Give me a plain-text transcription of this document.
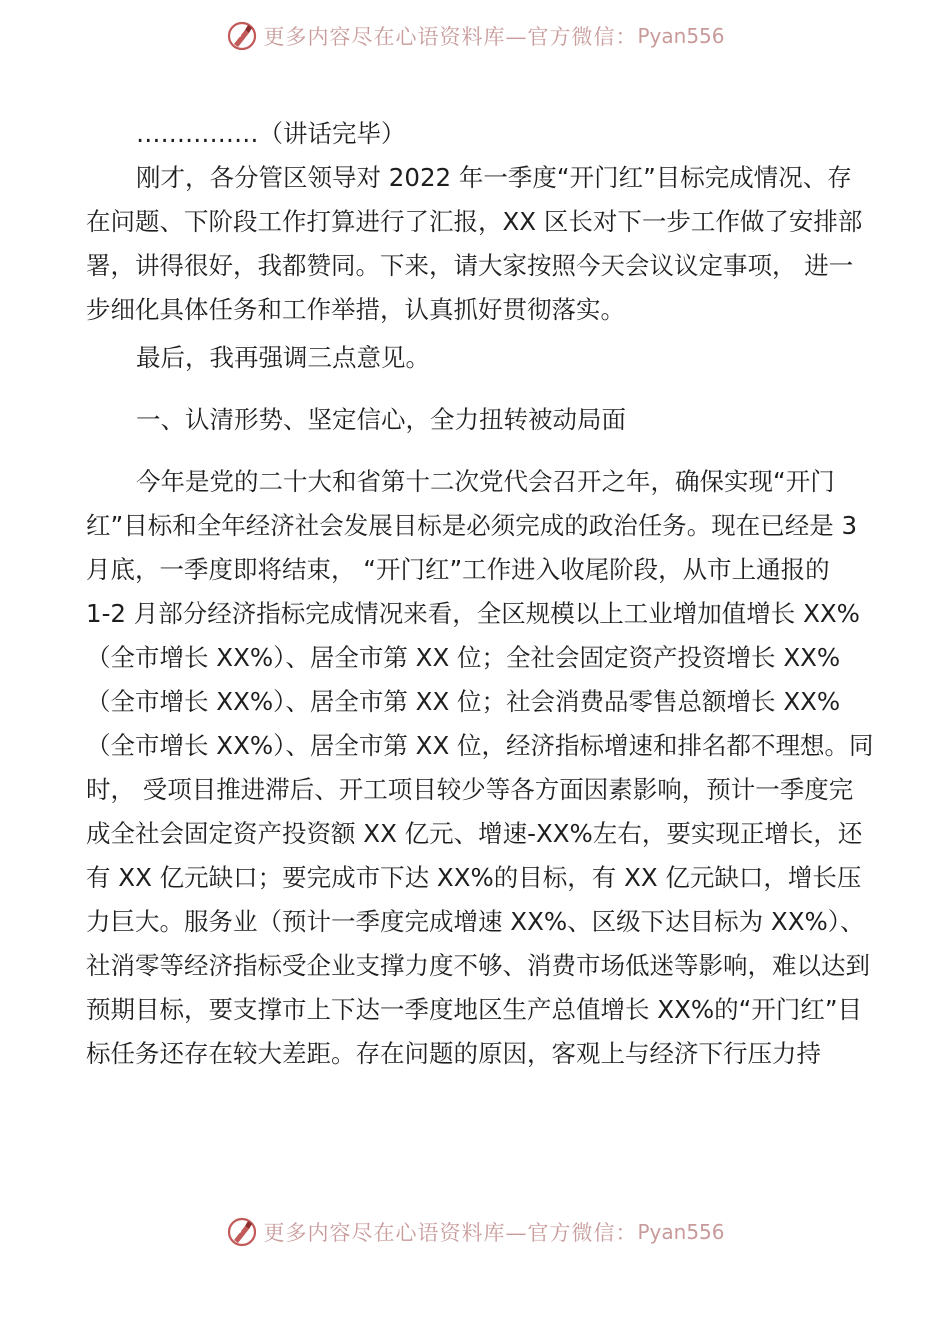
更多内容尽在心语资料库—官方微信： Pyan556

……………（讲话完毕）

刚才，各分管区领导对 2022 年一季度“开门红”目标完成情况、存在问题、下阶段工作打算进行了汇报，XX 区长对下一步工作做了安排部署，讲得很好，我都赞同。下来，请大家按照今天会议议定事项， 进一步细化具体任务和工作举措，认真抓好贯彻落实。

最后，我再强调三点意见。

一、认清形势、坚定信心，全力扭转被动局面

今年是党的二十大和省第十二次党代会召开之年，确保实现“开门红”目标和全年经济社会发展目标是必须完成的政治任务。现在已经是 3 月底，一季度即将结束， “开门红”工作进入收尾阶段，从市上通报的

1-2 月部分经济指标完成情况来看，全区规模以上工业增加值增长 XX%（全市增长 XX%）、居全市第 XX 位；全社会固定资产投资增长 XX%（全市增长 XX%）、居全市第 XX 位；社会消费品零售总额增长 XX%（全市增长 XX%）、居全市第 XX 位，经济指标增速和排名都不理想。同时， 受项目推进滞后、开工项目较少等各方面因素影响，预计一季度完成全社会固定资产投资额 XX 亿元、增速-XX%左右，要实现正增长，还有 XX 亿元缺口；要完成市下达 XX%的目标，有 XX 亿元缺口，增长压力巨大。服务业（预计一季度完成增速 XX%、区级下达目标为 XX%）、社消零等经济指标受企业支撑力度不够、消费市场低迷等影响，难以达到预期目标，要支撑市上下达一季度地区生产总值增长 XX%的“开门红”目标任务还存在较大差距。存在问题的原因，客观上与经济下行压力持

更多内容尽在心语资料库—官方微信： Pyan556
